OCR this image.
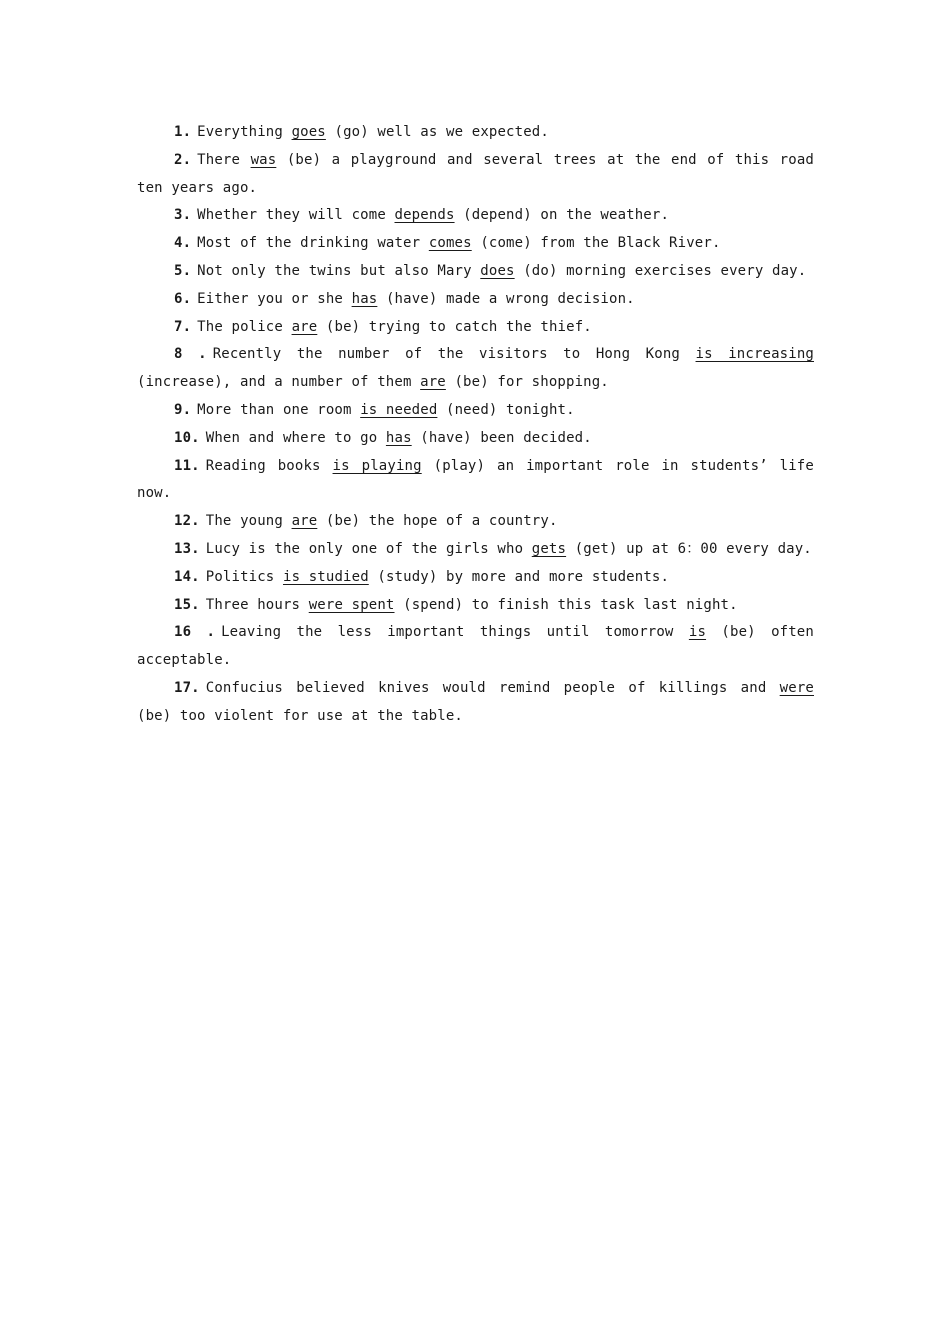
1. Everything goes (go) well as we expected.

2. There was (be) a playground and several trees at the end of this road ten years ago.

3. Whether they will come depends (depend) on the weather.

4. Most of the drinking water comes (come) from the Black River.

5. Not only the twins but also Mary does (do) morning exercises every day.

6. Either you or she has (have) made a wrong decision.

7. The police are (be) trying to catch the thief.

8 . Recently the number of the visitors to Hong Kong is increasing (increase), and a number of them are (be) for shopping.

9. More than one room is needed (need) tonight.

10. When and where to go has (have) been decided.

11. Reading books is playing (play) an important role in students’ life now.

12. The young are (be) the hope of a country.

13. Lucy is the only one of the girls who gets (get) up at 6：00 every day.

14. Politics is studied (study) by more and more students.

15. Three hours were spent (spend) to finish this task last night.

16 . Leaving the less important things until tomorrow is (be) often acceptable.

17. Confucius believed knives would remind people of killings and were (be) too violent for use at the table.
